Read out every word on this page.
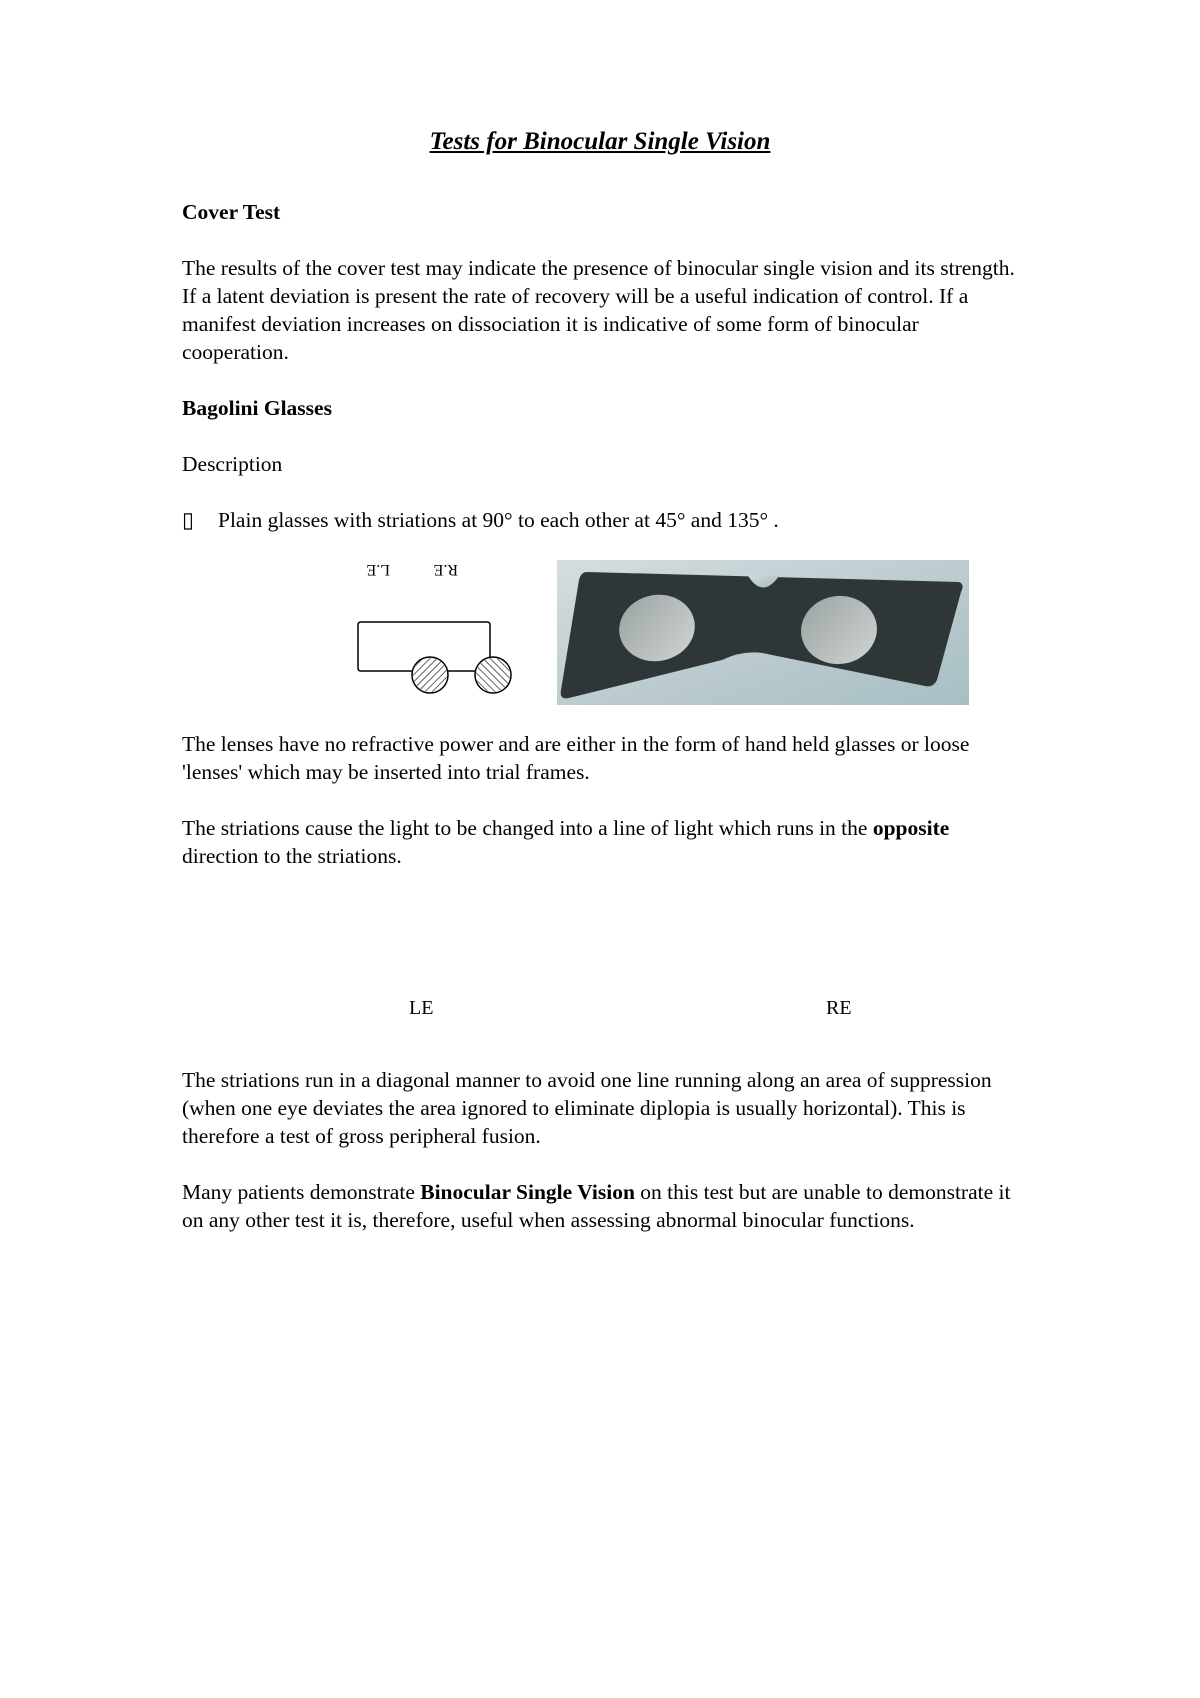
Tests for Binocular Single Vision
Cover Test
The results of the cover test may indicate the presence of binocular single vision and its strength. If a latent deviation is present the rate of recovery will be a useful indication of control. If a manifest deviation increases on dissociation it is indicative of some form of binocular cooperation.
Bagolini Glasses
Description
▯ Plain glasses with striations at 90° to each other at 45° and 135° .
L.E	R.E
The lenses have no refractive power and are either in the form of hand held glasses or loose 'lenses' which may be inserted into trial frames.
The striations cause the light to be changed into a line of light which runs in the opposite direction to the striations.
LE	RE
The striations run in a diagonal manner to avoid one line running along an area of suppression (when one eye deviates the area ignored to eliminate diplopia is usually horizontal). This is therefore a test of gross peripheral fusion.
Many patients demonstrate Binocular Single Vision on this test but are unable to demonstrate it on any other test it is, therefore, useful when assessing abnormal binocular functions.
